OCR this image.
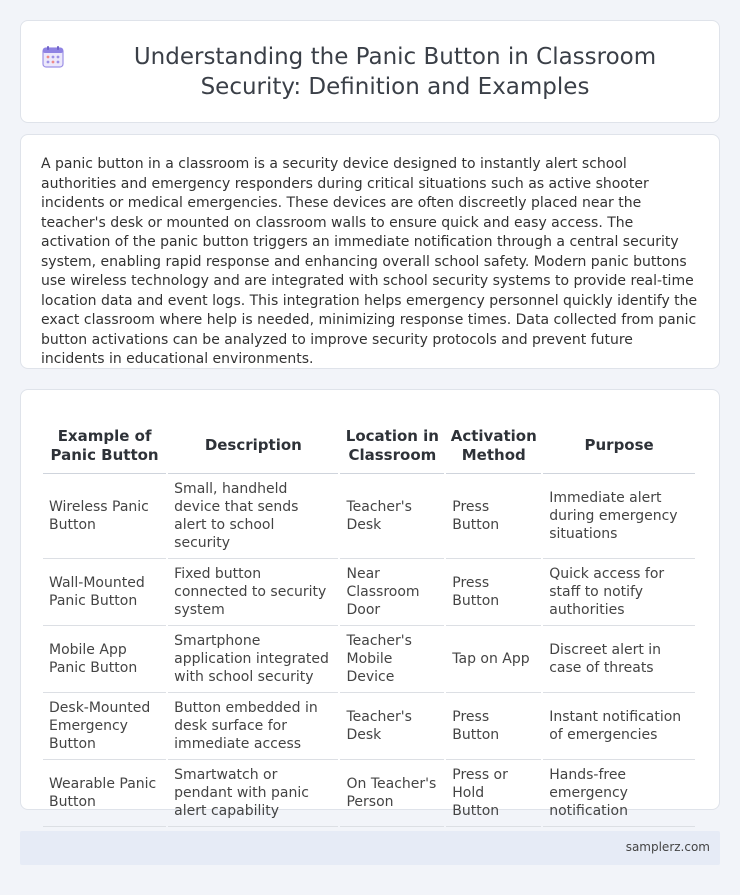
Understanding the Panic Button in Classroom Security: Definition and Examples

A panic button in a classroom is a security device designed to instantly alert school authorities and emergency responders during critical situations such as active shooter incidents or medical emergencies. These devices are often discreetly placed near the teacher's desk or mounted on classroom walls to ensure quick and easy access. The activation of the panic button triggers an immediate notification through a central security system, enabling rapid response and enhancing overall school safety. Modern panic buttons use wireless technology and are integrated with school security systems to provide real-time location data and event logs. This integration helps emergency personnel quickly identify the exact classroom where help is needed, minimizing response times. Data collected from panic button activations can be analyzed to improve security protocols and prevent future incidents in educational environments.

Example of Panic Button	Description	Location in Classroom	Activation Method	Purpose
Wireless Panic Button	Small, handheld device that sends alert to school security	Teacher's Desk	Press Button	Immediate alert during emergency situations
Wall-Mounted Panic Button	Fixed button connected to security system	Near Classroom Door	Press Button	Quick access for staff to notify authorities
Mobile App Panic Button	Smartphone application integrated with school security	Teacher's Mobile Device	Tap on App	Discreet alert in case of threats
Desk-Mounted Emergency Button	Button embedded in desk surface for immediate access	Teacher's Desk	Press Button	Instant notification of emergencies
Wearable Panic Button	Smartwatch or pendant with panic alert capability	On Teacher's Person	Press or Hold Button	Hands-free emergency notification
samplerz.com
